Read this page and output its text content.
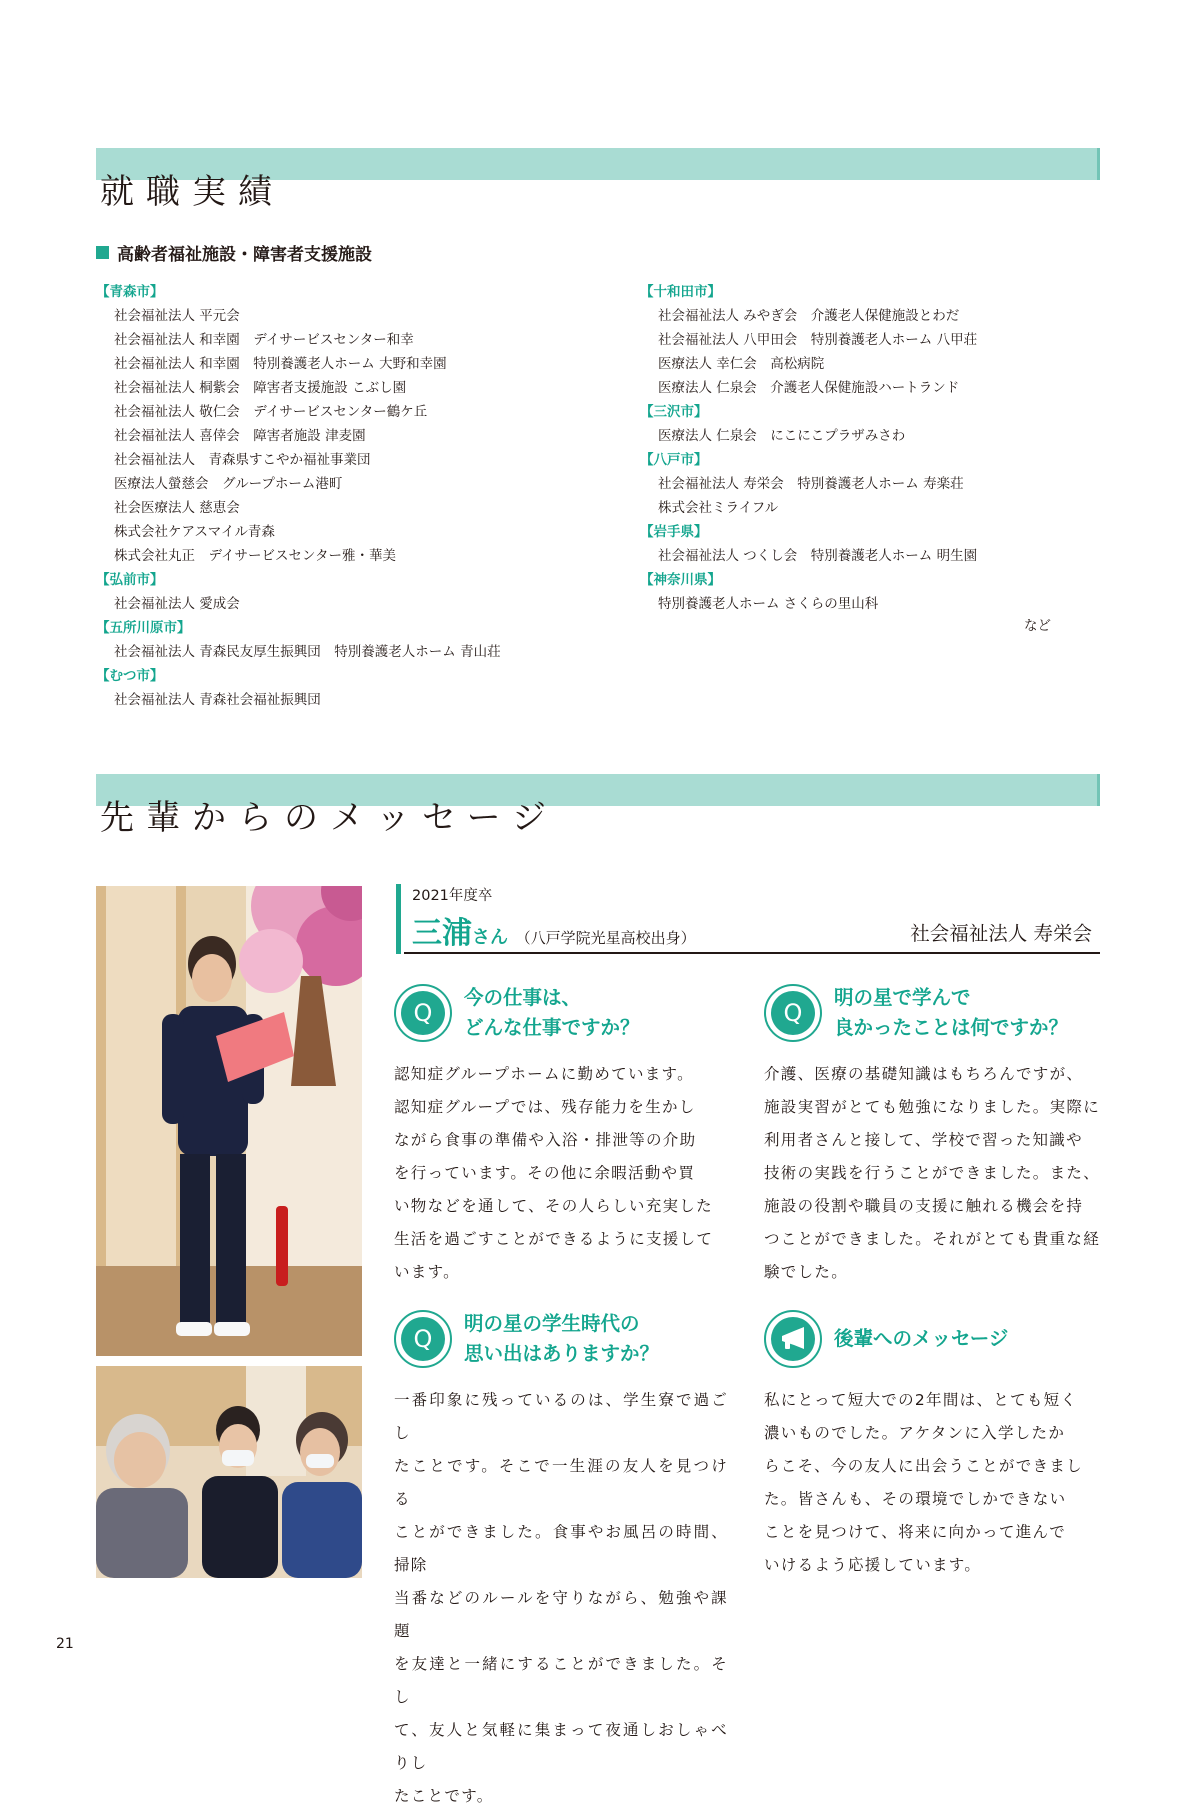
就職実績
高齢者福祉施設・障害者支援施設
【青森市】
社会福祉法人 平元会
社会福祉法人 和幸園　デイサービスセンター和幸
社会福祉法人 和幸園　特別養護老人ホーム 大野和幸園
社会福祉法人 桐紫会　障害者支援施設 こぶし園
社会福祉法人 敬仁会　デイサービスセンター鶴ケ丘
社会福祉法人 喜倖会　障害者施設 津麦園
社会福祉法人　青森県すこやか福祉事業団
医療法人螢慈会　グループホーム港町
社会医療法人 慈恵会
株式会社ケアスマイル青森
株式会社丸正　デイサービスセンター雅・華美
【弘前市】
社会福祉法人 愛成会
【五所川原市】
社会福祉法人 青森民友厚生振興団　特別養護老人ホーム 青山荘
【むつ市】
社会福祉法人 青森社会福祉振興団
【十和田市】
社会福祉法人 みやぎ会　介護老人保健施設とわだ
社会福祉法人 八甲田会　特別養護老人ホーム 八甲荘
医療法人 幸仁会　高松病院
医療法人 仁泉会　介護老人保健施設ハートランド
【三沢市】
医療法人 仁泉会　にこにこプラザみさわ
【八戸市】
社会福祉法人 寿栄会　特別養護老人ホーム 寿楽荘
株式会社ミライフル
【岩手県】
社会福祉法人 つくし会　特別養護老人ホーム 明生園
【神奈川県】
特別養護老人ホーム さくらの里山科
など
先輩からのメッセージ
2021年度卒
三浦さん （八戸学院光星高校出身）	社会福祉法人 寿栄会
Q
今の仕事は、
どんな仕事ですか？
認知症グループホームに勤めています。
認知症グループでは、残存能力を生かし
ながら食事の準備や入浴・排泄等の介助
を行っています。その他に余暇活動や買
い物などを通して、その人らしい充実した
生活を過ごすことができるように支援して
います。
Q
明の星で学んで
良かったことは何ですか？
介護、医療の基礎知識はもちろんですが、
施設実習がとても勉強になりました。実際に
利用者さんと接して、学校で習った知識や
技術の実践を行うことができました。また、
施設の役割や職員の支援に触れる機会を持
つことができました。それがとても貴重な経
験でした。
Q
明の星の学生時代の
思い出はありますか？
一番印象に残っているのは、学生寮で過ごし
たことです。そこで一生涯の友人を見つける
ことができました。食事やお風呂の時間、掃除
当番などのルールを守りながら、勉強や課題
を友達と一緒にすることができました。そし
て、友人と気軽に集まって夜通しおしゃべりし
たことです。
後輩へのメッセージ
私にとって短大での2年間は、とても短く
濃いものでした。アケタンに入学したか
らこそ、今の友人に出会うことができまし
た。皆さんも、その環境でしかできない
ことを見つけて、将来に向かって進んで
いけるよう応援しています。
21
